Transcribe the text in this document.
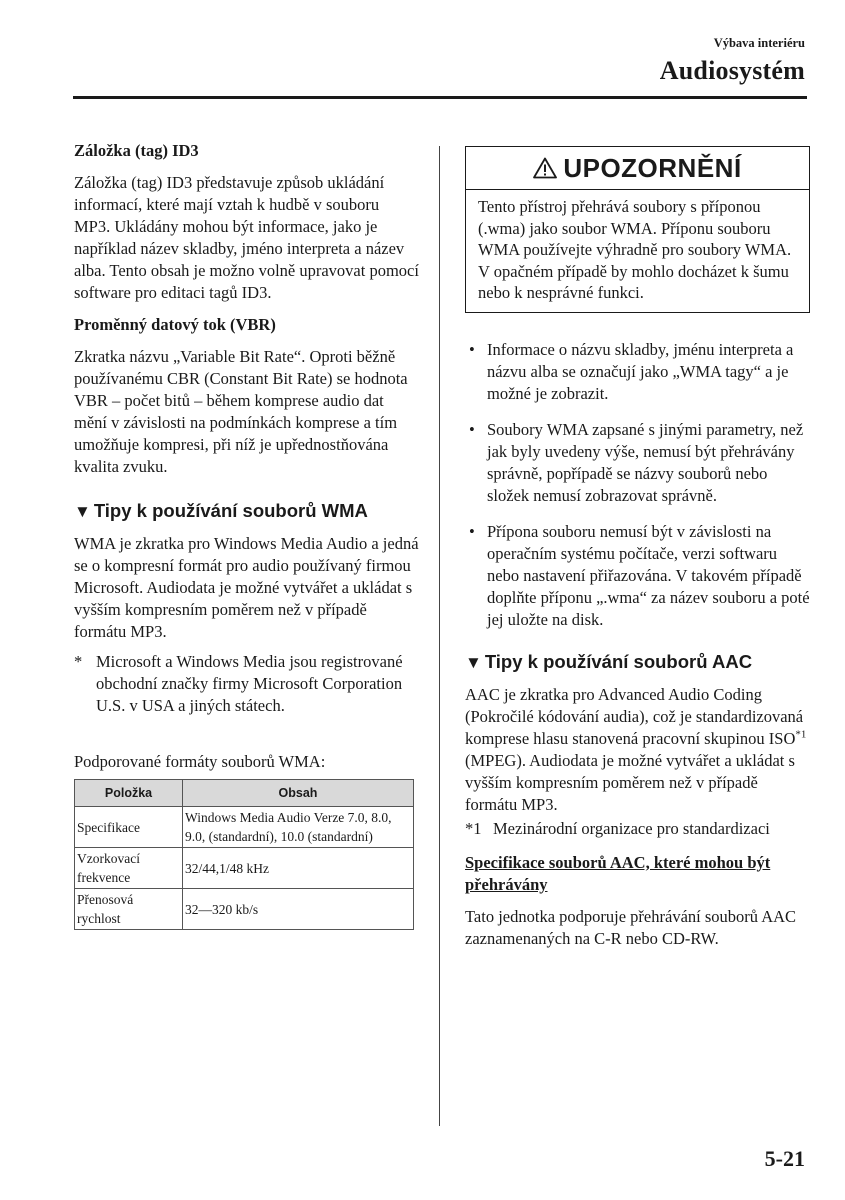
Výbava interiéru
Audiosystém

Záložka (tag) ID3

Záložka (tag) ID3 představuje způsob ukládání informací, které mají vztah k hudbě v souboru MP3. Ukládány mohou být informace, jako je například název skladby, jméno interpreta a název alba. Tento obsah je možno volně upravovat pomocí software pro editaci tagů ID3.

Proměnný datový tok (VBR)

Zkratka názvu „Variable Bit Rate“. Oproti běžně používanému CBR (Constant Bit Rate) se hodnota VBR – počet bitů – během komprese audio dat mění v závislosti na podmínkách komprese a tím umožňuje kompresi, při níž je upřednostňována kvalita zvuku.

▼ Tipy k používání souborů WMA

WMA je zkratka pro Windows Media Audio a jedná se o kompresní formát pro audio používaný firmou Microsoft. Audiodata je možné vytvářet a ukládat s vyšším kompresním poměrem než v případě formátu MP3.

* Microsoft a Windows Media jsou registrované obchodní značky firmy Microsoft Corporation U.S. v USA a jiných státech.

Podporované formáty souborů WMA:

Položka	Obsah
Specifikace	Windows Media Audio Verze 7.0, 8.0, 9.0, (standardní), 10.0 (standardní)
Vzorkovací frekvence	32/44,1/48 kHz
Přenosová rychlost	32—320 kb/s
UPOZORNĚNÍ
Tento přístroj přehrává soubory s příponou (.wma) jako soubor WMA. Příponu souboru WMA používejte výhradně pro soubory WMA. V opačném případě by mohlo docházet k šumu nebo k nesprávné funkci.
• Informace o názvu skladby, jménu interpreta a názvu alba se označují jako „WMA tagy“ a je možné je zobrazit.
• Soubory WMA zapsané s jinými parametry, než jak byly uvedeny výše, nemusí být přehrávány správně, popřípadě se názvy souborů nebo složek nemusí zobrazovat správně.
• Přípona souboru nemusí být v závislosti na operačním systému počítače, verzi softwaru nebo nastavení přiřazována. V takovém případě doplňte příponu „.wma“ za název souboru a poté jej uložte na disk.

▼ Tipy k používání souborů AAC

AAC je zkratka pro Advanced Audio Coding (Pokročilé kódování audia), což je standardizovaná komprese hlasu stanovená pracovní skupinou ISO$^{*1}$ (MPEG). Audiodata je možné vytvářet a ukládat s vyšším kompresním poměrem než v případě formátu MP3.

*1 Mezinárodní organizace pro standardizaci

Specifikace souborů AAC, které mohou být přehrávány

Tato jednotka podporuje přehrávání souborů AAC zaznamenaných na C-R nebo CD-RW.

5-21
